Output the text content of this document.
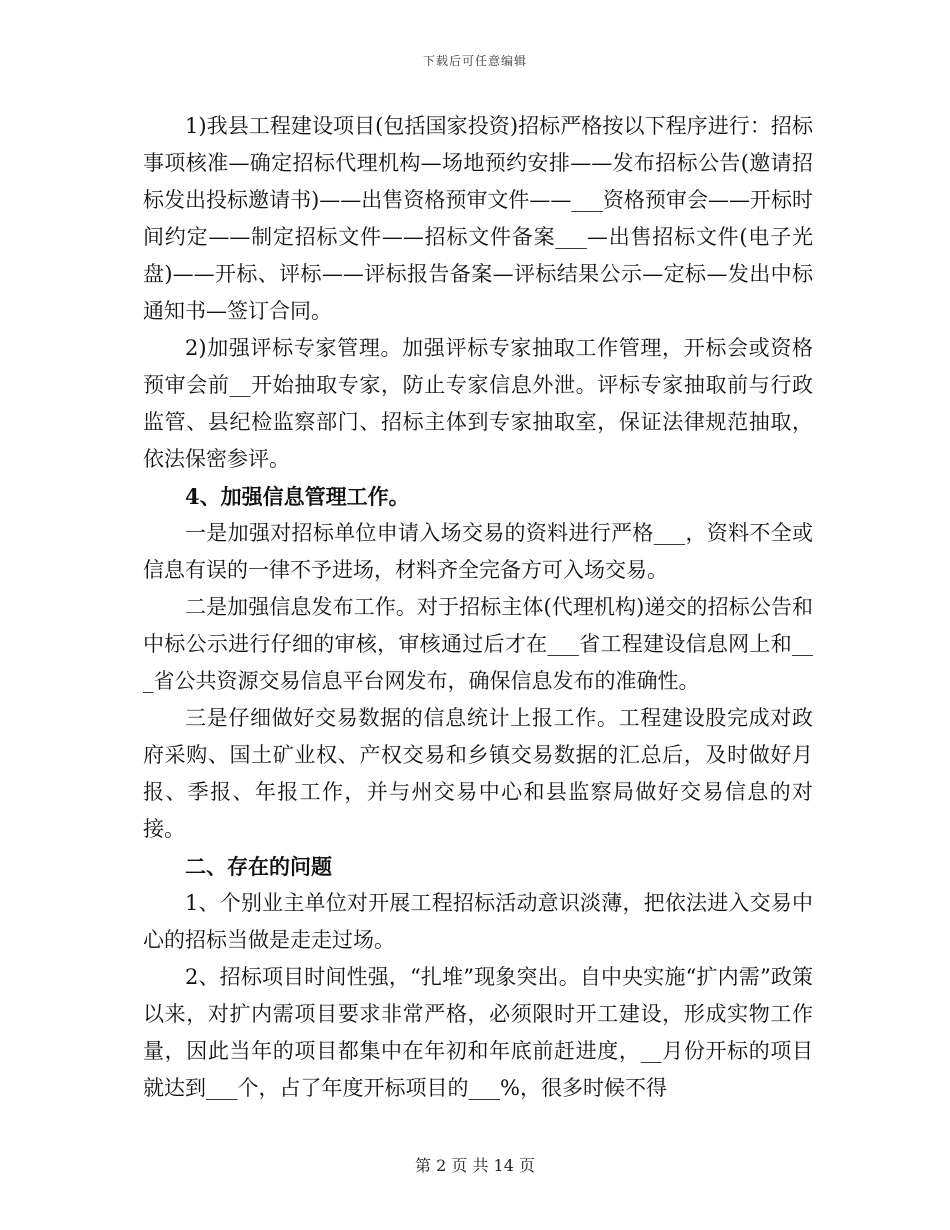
下载后可任意编辑

1)我县工程建设项目(包括国家投资)招标严格按以下程序进行：招标事项核准—确定招标代理机构—场地预约安排——发布招标公告(邀请招标发出投标邀请书)——出售资格预审文件——___资格预审会——开标时间约定——制定招标文件——招标文件备案___—出售招标文件(电子光盘)——开标、评标——评标报告备案—评标结果公示—定标—发出中标通知书—签订合同。

2)加强评标专家管理。加强评标专家抽取工作管理，开标会或资格预审会前__开始抽取专家，防止专家信息外泄。评标专家抽取前与行政监管、县纪检监察部门、招标主体到专家抽取室，保证法律规范抽取，依法保密参评。

4、加强信息管理工作。

一是加强对招标单位申请入场交易的资料进行严格___，资料不全或信息有误的一律不予进场，材料齐全完备方可入场交易。

二是加强信息发布工作。对于招标主体(代理机构)递交的招标公告和中标公示进行仔细的审核，审核通过后才在___省工程建设信息网上和___省公共资源交易信息平台网发布，确保信息发布的准确性。

三是仔细做好交易数据的信息统计上报工作。工程建设股完成对政府采购、国土矿业权、产权交易和乡镇交易数据的汇总后，及时做好月报、季报、年报工作，并与州交易中心和县监察局做好交易信息的对接。

二、存在的问题

1、个别业主单位对开展工程招标活动意识淡薄，把依法进入交易中心的招标当做是走走过场。

2、招标项目时间性强，“扎堆”现象突出。自中央实施“扩内需”政策以来，对扩内需项目要求非常严格，必须限时开工建设，形成实物工作量，因此当年的项目都集中在年初和年底前赶进度，__月份开标的项目就达到___个，占了年度开标项目的___%，很多时候不得

第 2 页 共 14 页
